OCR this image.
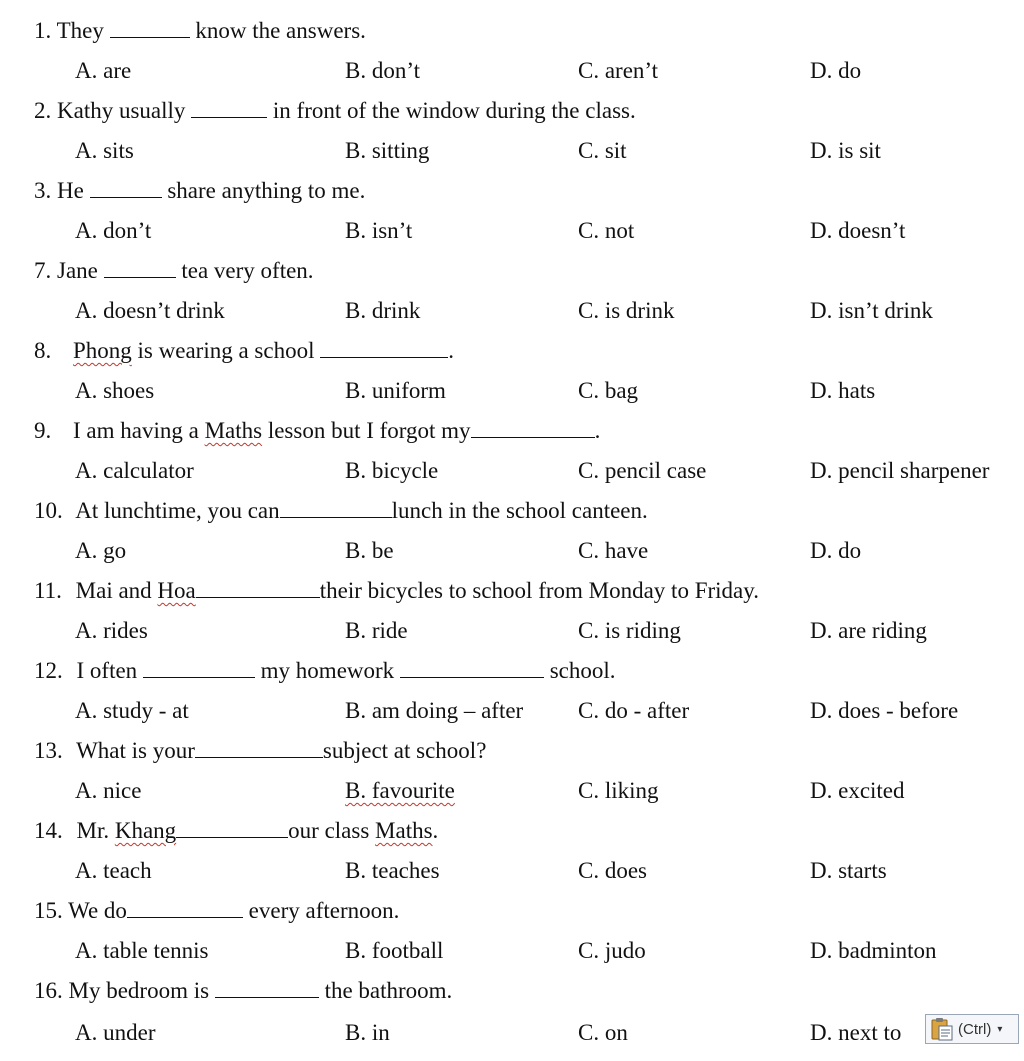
1. They	know the answers.
A. are	B. don’t	C. aren’t	D. do
2. Kathy usually	in front of the window during the class.
A. sits	B. sitting	C. sit	D. is sit
3. He	share anything to me.
A. don’t	B. isn’t	C. not	D. doesn’t
7. Jane	tea very often.
A. doesn’t drink	B. drink	C. is drink	D. isn’t drink
8. Phong is wearing a school	.
A. shoes	B. uniform	C. bag	D. hats
9. I am having a Maths lesson but I forgot my	.
A. calculator	B. bicycle	C. pencil case	D. pencil sharpener
10. At lunchtime, you can	lunch in the school canteen.
A. go	B. be	C. have	D. do
11. Mai and Hoa	their bicycles to school from Monday to Friday.
A. rides	B. ride	C. is riding	D. are riding
12. I often	my homework	school.
A. study - at	B. am doing – after C. do - after	D. does - before
13. What is your	subject at school?
A. nice	B. favourite	C. liking	D. excited
14. Mr. Khang	our class Maths.
A. teach	B. teaches	C. does	D. starts
15. We do	every afternoon.
A. table tennis	B. football	C. judo	D. badminton
16. My bedroom is	the bathroom.
A. under	B. in	C. on	D. next to	(Ctrl) ▾
